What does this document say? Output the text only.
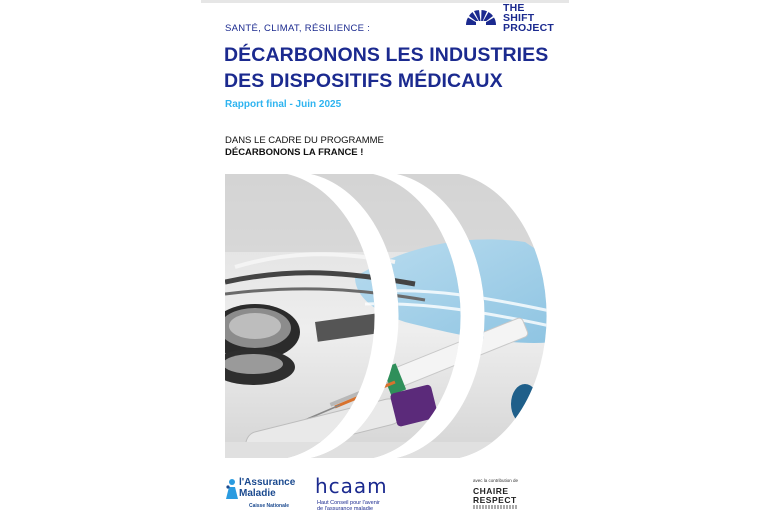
THE SHIFT
PROJECT
SANTÉ, CLIMAT, RÉSILIENCE :
DÉCARBONONS LES INDUSTRIES
DES DISPOSITIFS MÉDICAUX
Rapport final - Juin 2025
DANS LE CADRE DU PROGRAMME
DÉCARBONONS LA FRANCE !
l'Assurance
Maladie
Caisse Nationale
hcaam
Haut Conseil pour l'avenir
de l'assurance maladie
avec la contribution de
CHAIRE
RESPECT
